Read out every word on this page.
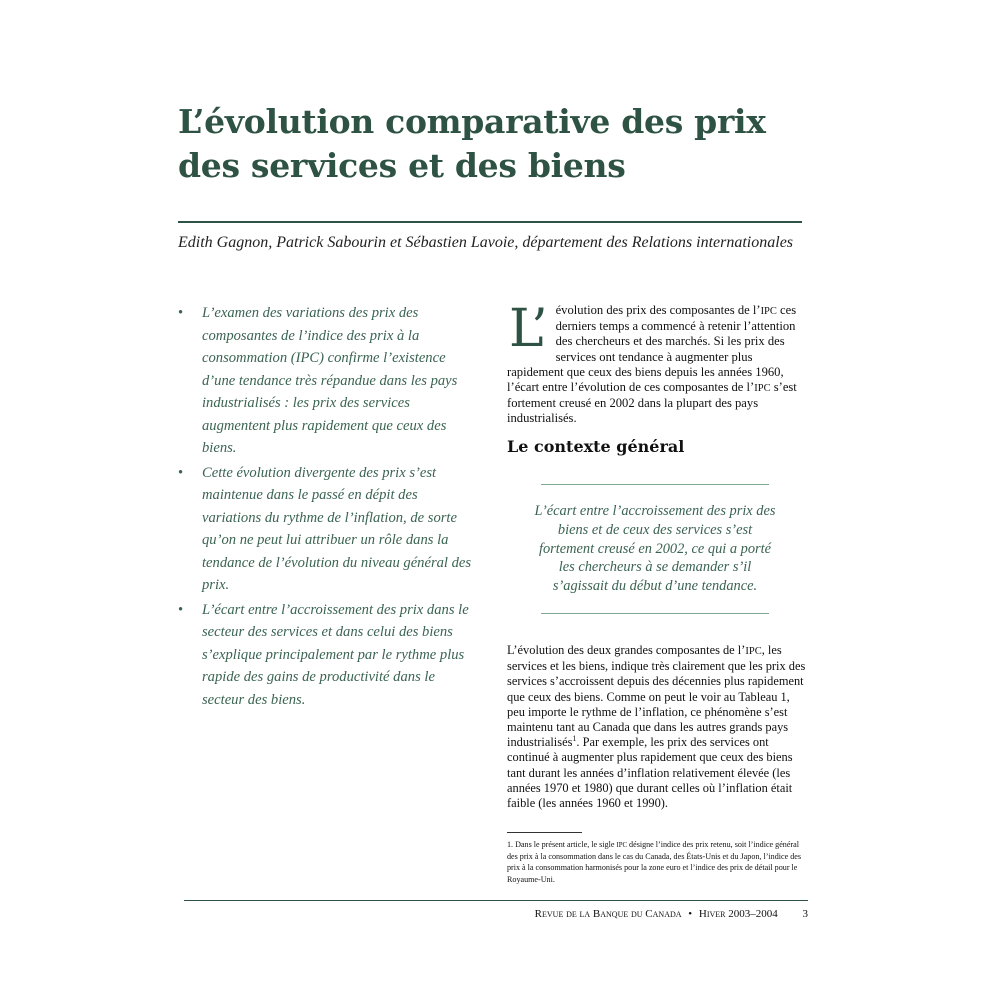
L’évolution comparative des prix des services et des biens

Edith Gagnon, Patrick Sabourin et Sébastien Lavoie, département des Relations internationales

• L’examen des variations des prix des composantes de l’indice des prix à la consommation (IPC) confirme l’existence d’une tendance très répandue dans les pays industrialisés : les prix des services augmentent plus rapidement que ceux des biens.
• Cette évolution divergente des prix s’est maintenue dans le passé en dépit des variations du rythme de l’inflation, de sorte qu’on ne peut lui attribuer un rôle dans la tendance de l’évolution du niveau général des prix.
• L’écart entre l’accroissement des prix dans le secteur des services et dans celui des biens s’explique principalement par le rythme plus rapide des gains de productivité dans le secteur des biens.

L’ évolution des prix des composantes de l’IPC ces derniers temps a commencé à retenir l’attention des chercheurs et des marchés. Si les prix des services ont tendance à augmenter plus rapidement que ceux des biens depuis les années 1960, l’écart entre l’évolution de ces composantes de l’IPC s’est fortement creusé en 2002 dans la plupart des pays industrialisés.

Le contexte général

L’écart entre l’accroissement des prix des biens et de ceux des services s’est fortement creusé en 2002, ce qui a porté les chercheurs à se demander s’il s’agissait du début d’une tendance.

L’évolution des deux grandes composantes de l’IPC, les services et les biens, indique très clairement que les prix des services s’accroissent depuis des décennies plus rapidement que ceux des biens. Comme on peut le voir au Tableau 1, peu importe le rythme de l’inflation, ce phénomène s’est maintenu tant au Canada que dans les autres grands pays industrialisés$^1$. Par exemple, les prix des services ont continué à augmenter plus rapidement que ceux des biens tant durant les années d’inflation relativement élevée (les années 1970 et 1980) que durant celles où l’inflation était faible (les années 1960 et 1990).

1. Dans le présent article, le sigle IPC désigne l’indice des prix retenu, soit l’indice général des prix à la consommation dans le cas du Canada, des États-Unis et du Japon, l’indice des prix à la consommation harmonisés pour la zone euro et l’indice des prix de détail pour le Royaume-Uni.

Revue de la Banque du Canada • Hiver 2003–2004 3
